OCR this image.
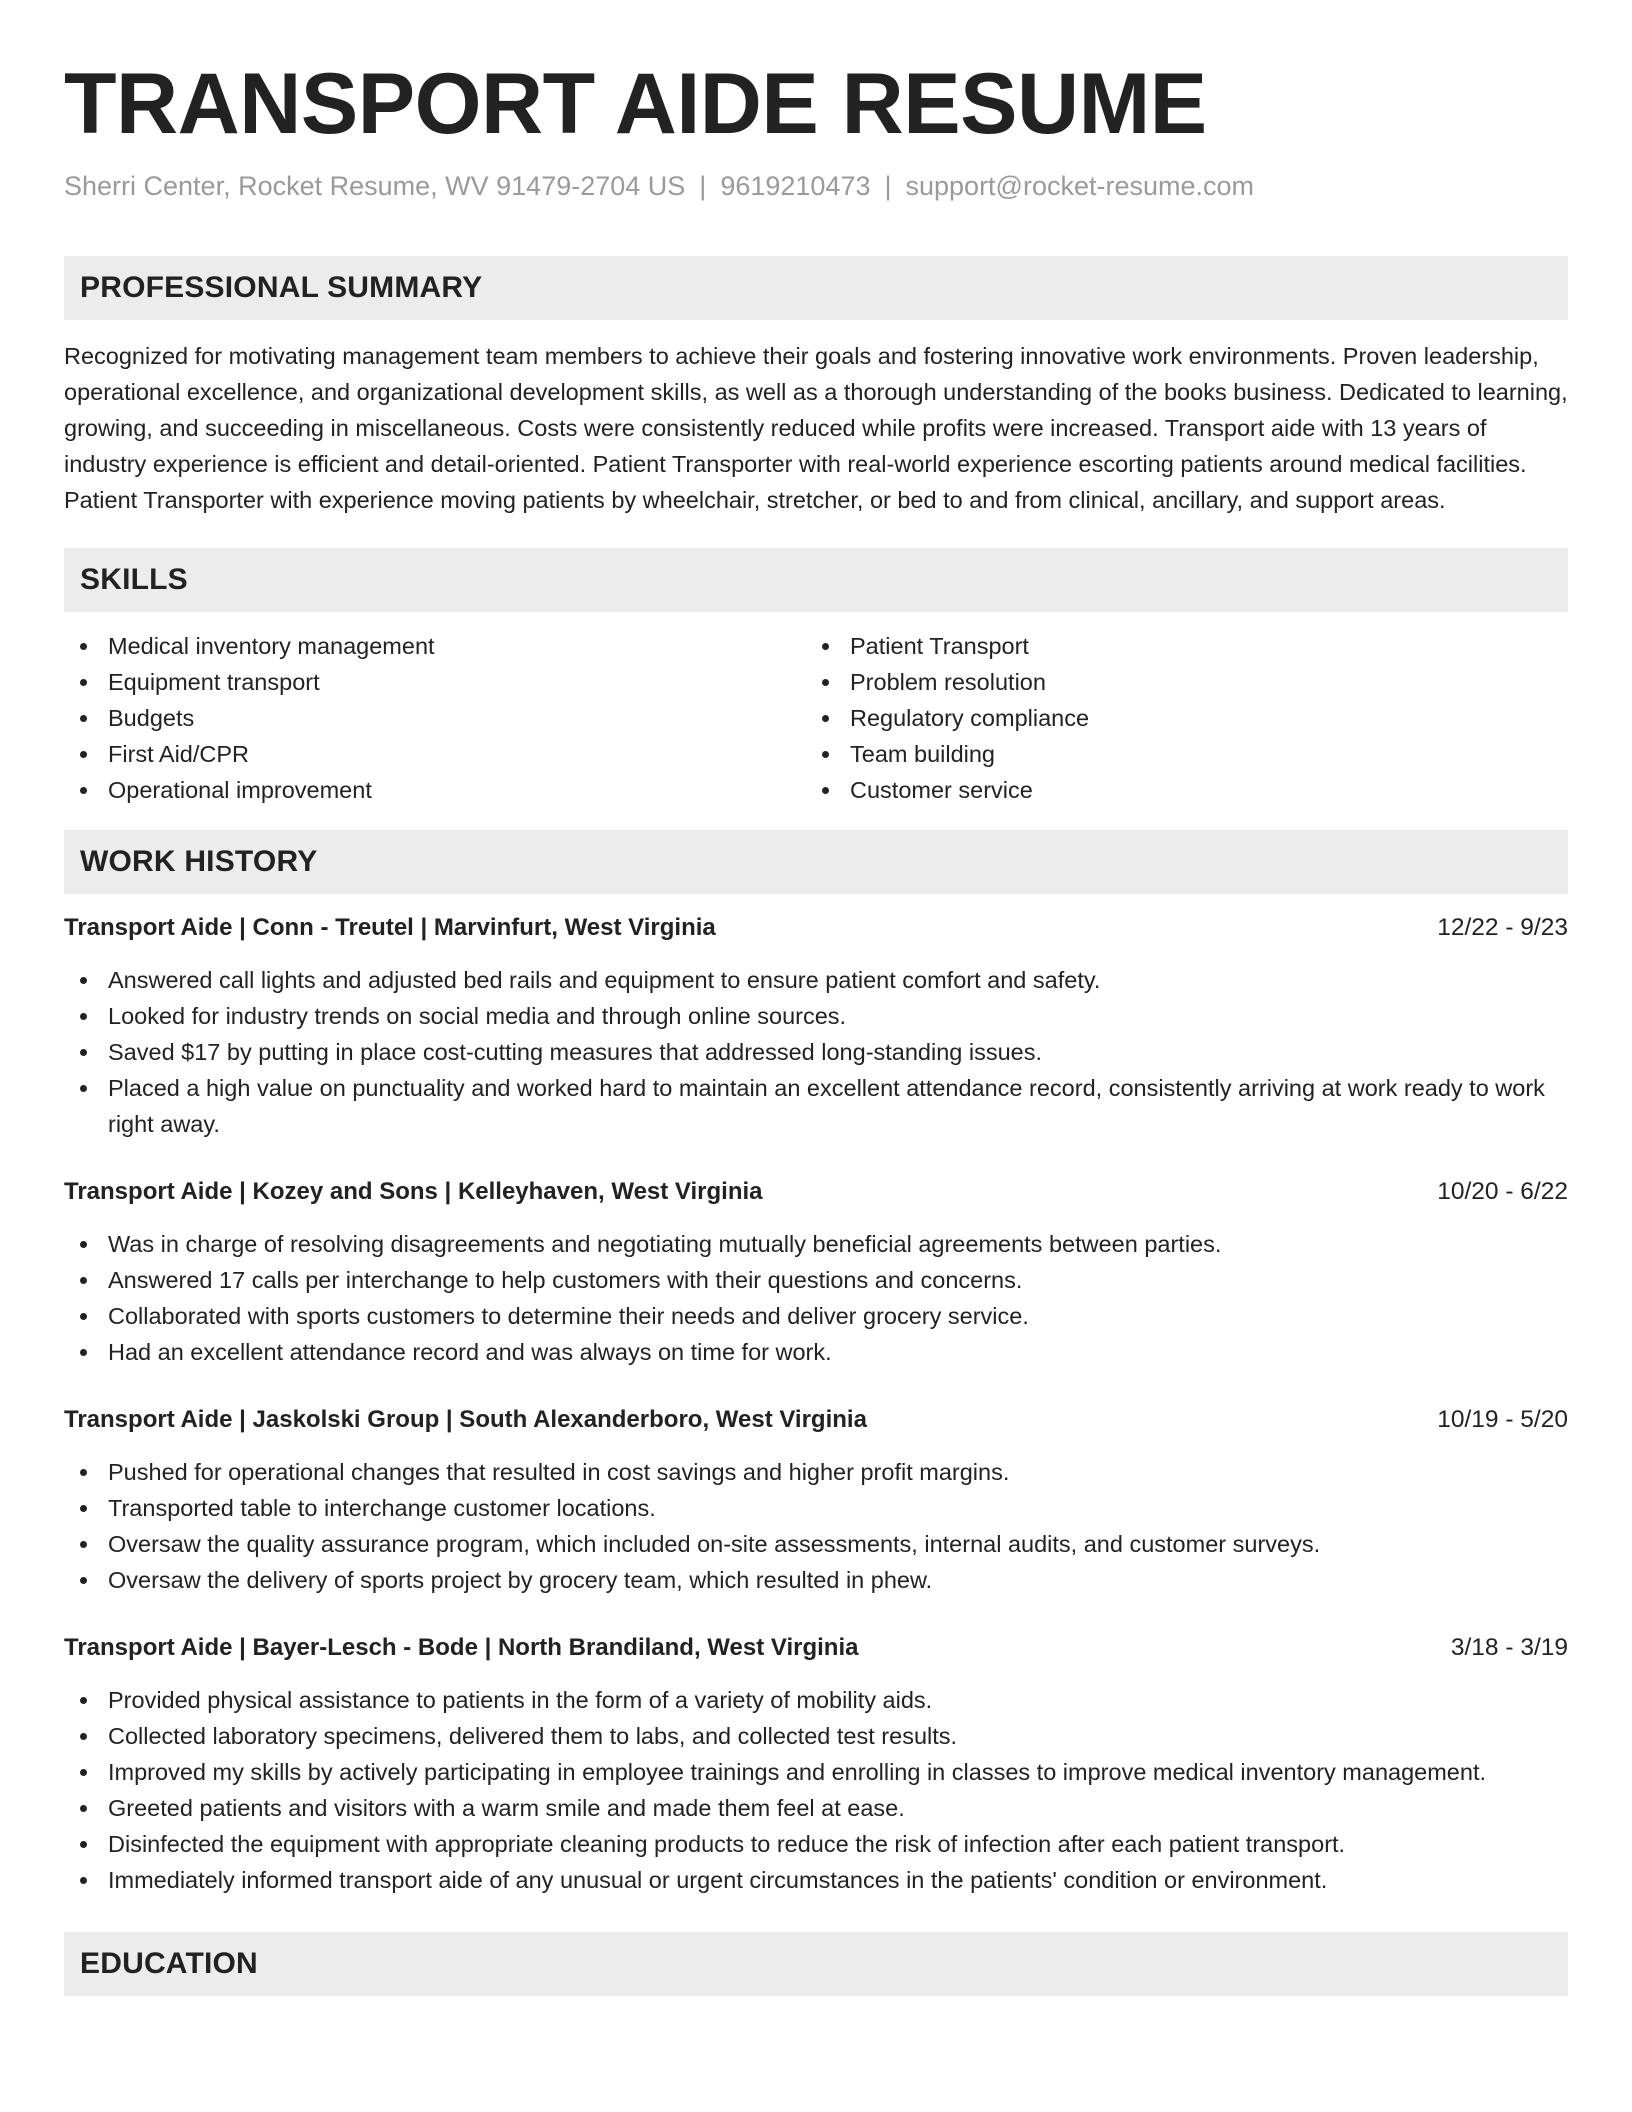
TRANSPORT AIDE RESUME
Sherri Center, Rocket Resume, WV 91479-2704 US | 9619210473 | support@rocket-resume.com
PROFESSIONAL SUMMARY

Recognized for motivating management team members to achieve their goals and fostering innovative work environments. Proven leadership, operational excellence, and organizational development skills, as well as a thorough understanding of the books business. Dedicated to learning, growing, and succeeding in miscellaneous. Costs were consistently reduced while profits were increased. Transport aide with 13 years of industry experience is efficient and detail-oriented. Patient Transporter with real-world experience escorting patients around medical facilities. Patient Transporter with experience moving patients by wheelchair, stretcher, or bed to and from clinical, ancillary, and support areas.

SKILLS
Medical inventory management
Equipment transport
Budgets
First Aid/CPR
Operational improvement
Patient Transport
Problem resolution
Regulatory compliance
Team building
Customer service
WORK HISTORY
Transport Aide | Conn - Treutel | Marvinfurt, West Virginia	12/22 - 9/23
Answered call lights and adjusted bed rails and equipment to ensure patient comfort and safety.
Looked for industry trends on social media and through online sources.
Saved $17 by putting in place cost-cutting measures that addressed long-standing issues.
Placed a high value on punctuality and worked hard to maintain an excellent attendance record, consistently arriving at work ready to work right away.
Transport Aide | Kozey and Sons | Kelleyhaven, West Virginia	10/20 - 6/22
Was in charge of resolving disagreements and negotiating mutually beneficial agreements between parties.
Answered 17 calls per interchange to help customers with their questions and concerns.
Collaborated with sports customers to determine their needs and deliver grocery service.
Had an excellent attendance record and was always on time for work.
Transport Aide | Jaskolski Group | South Alexanderboro, West Virginia	10/19 - 5/20
Pushed for operational changes that resulted in cost savings and higher profit margins.
Transported table to interchange customer locations.
Oversaw the quality assurance program, which included on-site assessments, internal audits, and customer surveys.
Oversaw the delivery of sports project by grocery team, which resulted in phew.
Transport Aide | Bayer-Lesch - Bode | North Brandiland, West Virginia	3/18 - 3/19
Provided physical assistance to patients in the form of a variety of mobility aids.
Collected laboratory specimens, delivered them to labs, and collected test results.
Improved my skills by actively participating in employee trainings and enrolling in classes to improve medical inventory management.
Greeted patients and visitors with a warm smile and made them feel at ease.
Disinfected the equipment with appropriate cleaning products to reduce the risk of infection after each patient transport.
Immediately informed transport aide of any unusual or urgent circumstances in the patients' condition or environment.
EDUCATION
